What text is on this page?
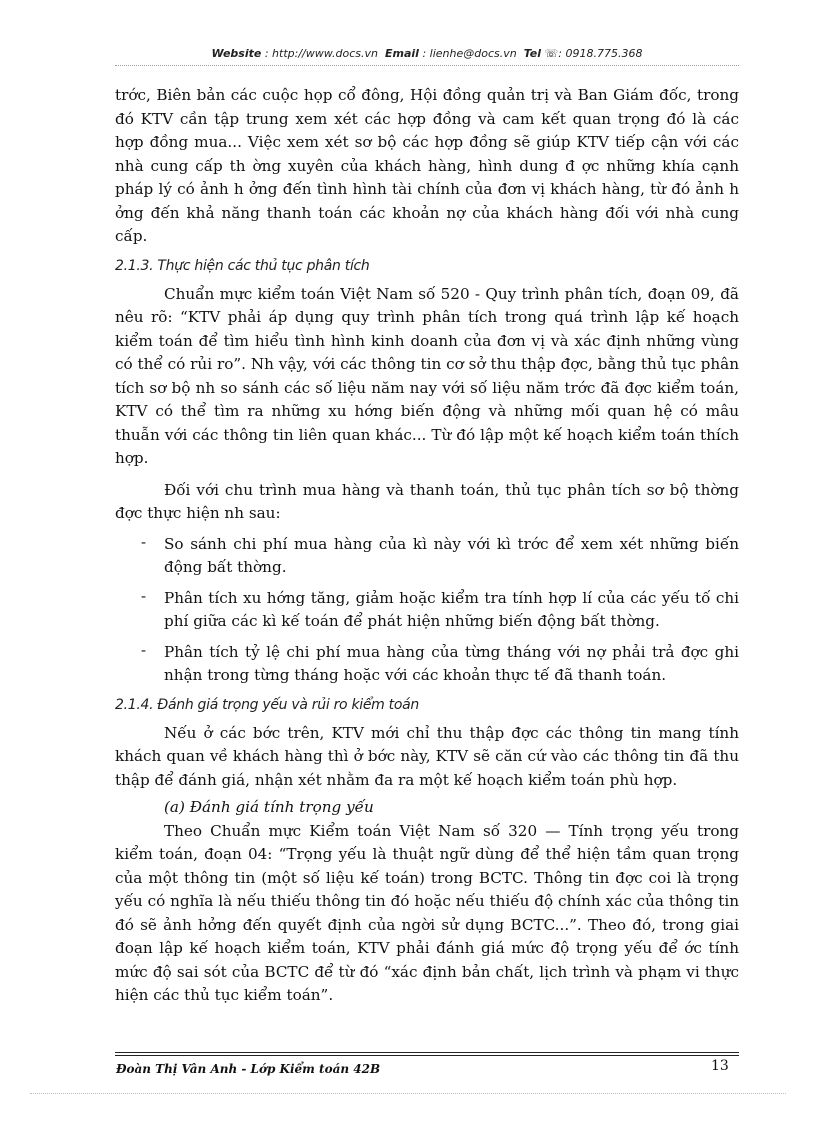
Website : http://www.docs.vn Email : lienhe@docs.vn Tel ☏: 0918.775.368

trớc, Biên bản các cuộc họp cổ đông, Hội đồng quản trị và Ban Giám đốc, trong đó KTV cần tập trung xem xét các hợp đồng và cam kết quan trọng đó là các hợp đồng mua... Việc xem xét sơ bộ các hợp đồng sẽ giúp KTV tiếp cận với các nhà cung cấp th ờng xuyên của khách hàng, hình dung đ ợc những khía cạnh pháp lý có ảnh h ởng đến tình hình tài chính của đơn vị khách hàng, từ đó ảnh h ởng đến khả năng thanh toán các khoản nợ của khách hàng đối với nhà cung cấp.

2.1.3. Thực hiện các thủ tục phân tích

Chuẩn mực kiểm toán Việt Nam số 520 - Quy trình phân tích, đoạn 09, đã nêu rõ: “KTV phải áp dụng quy trình phân tích trong quá trình lập kế hoạch kiểm toán để tìm hiểu tình hình kinh doanh của đơn vị và xác định những vùng có thể có rủi ro”. Nh vậy, với các thông tin cơ sở thu thập đợc, bằng thủ tục phân tích sơ bộ nh so sánh các số liệu năm nay với số liệu năm trớc đã đợc kiểm toán, KTV có thể tìm ra những xu hớng biến động và những mối quan hệ có mâu thuẫn với các thông tin liên quan khác... Từ đó lập một kế hoạch kiểm toán thích hợp.

Đối với chu trình mua hàng và thanh toán, thủ tục phân tích sơ bộ thờng đợc thực hiện nh sau:

- So sánh chi phí mua hàng của kì này với kì trớc để xem xét những biến động bất thờng.

- Phân tích xu hớng tăng, giảm hoặc kiểm tra tính hợp lí của các yếu tố chi phí giữa các kì kế toán để phát hiện những biến động bất thờng.

- Phân tích tỷ lệ chi phí mua hàng của từng tháng với nợ phải trả đợc ghi nhận trong từng tháng hoặc với các khoản thực tế đã thanh toán.

2.1.4. Đánh giá trọng yếu và rủi ro kiểm toán

Nếu ở các bớc trên, KTV mới chỉ thu thập đợc các thông tin mang tính khách quan về khách hàng thì ở bớc này, KTV sẽ căn cứ vào các thông tin đã thu thập để đánh giá, nhận xét nhằm đa ra một kế hoạch kiểm toán phù hợp.

(a) Đánh giá tính trọng yếu

Theo Chuẩn mực Kiểm toán Việt Nam số 320 — Tính trọng yếu trong kiểm toán, đoạn 04: “Trọng yếu là thuật ngữ dùng để thể hiện tầm quan trọng của một thông tin (một số liệu kế toán) trong BCTC. Thông tin đợc coi là trọng yếu có nghĩa là nếu thiếu thông tin đó hoặc nếu thiếu độ chính xác của thông tin đó sẽ ảnh hởng đến quyết định của ngời sử dụng BCTC...”. Theo đó, trong giai đoạn lập kế hoạch kiểm toán, KTV phải đánh giá mức độ trọng yếu để ớc tính mức độ sai sót của BCTC để từ đó “xác định bản chất, lịch trình và phạm vi thực hiện các thủ tục kiểm toán”.

Đoàn Thị Vân Anh - Lớp Kiểm toán 42B	13
